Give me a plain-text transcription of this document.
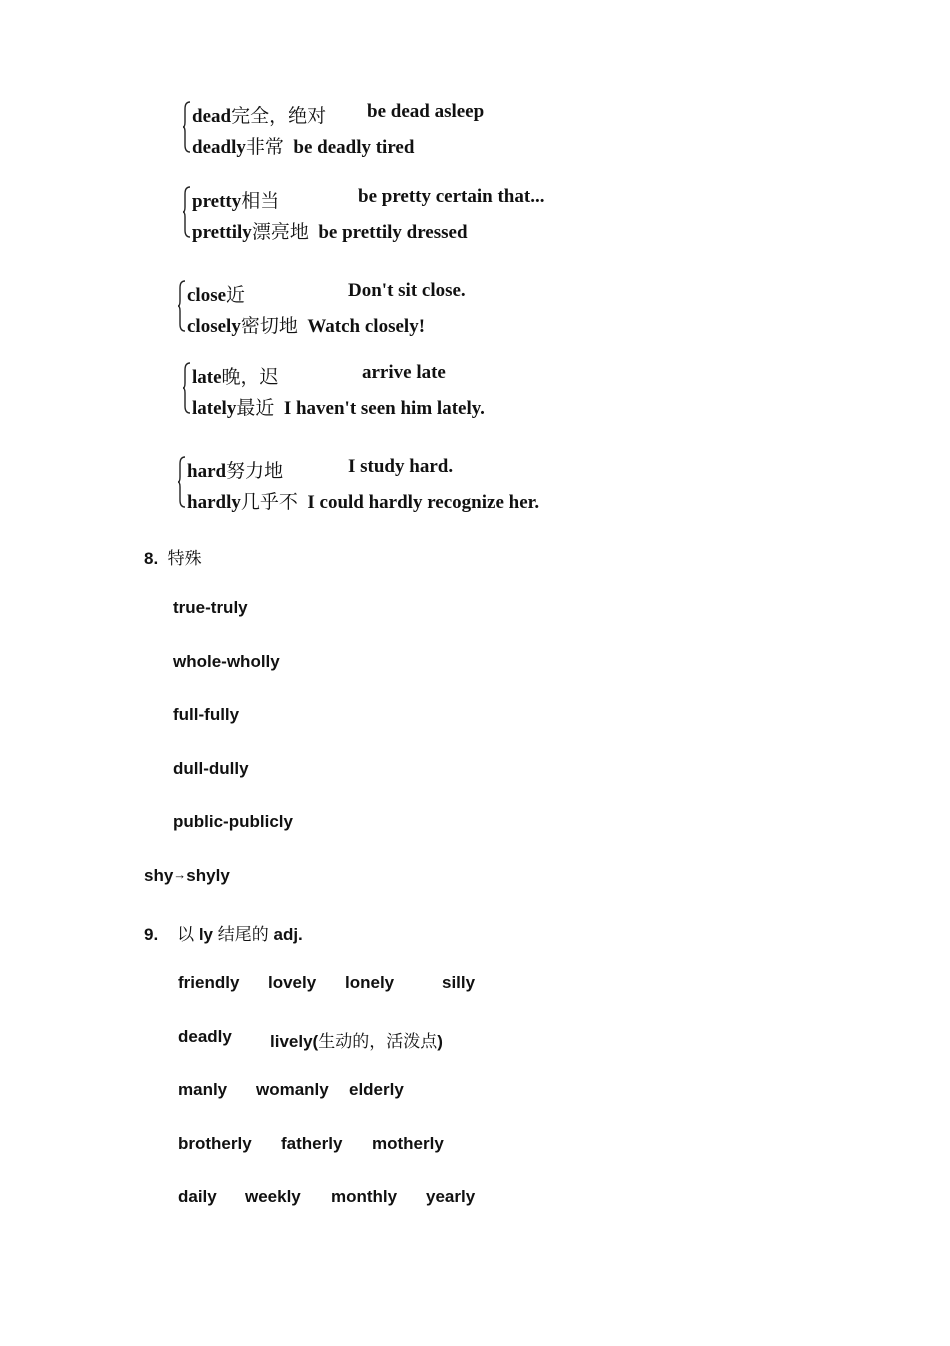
dead完全，绝对 be dead asleep
deadly非常 be deadly tired
pretty相当	be pretty certain that...
prettily漂亮地 be prettily dressed
close近	Don't sit close.
closely密切地 Watch closely!
late晚，迟	arrive late
lately最近 I haven't seen him lately.
hard努力地	I study hard.
hardly几乎不 I could hardly recognize her.
8. 特殊
true-truly
whole-wholly
full-fully
dull-dully
public-publicly
shy→shyly
9. 以 ly 结尾的 adj.
friendly lovely lonely	silly
deadly lively(生动的，活泼点)
manly womanly elderly
brotherly fatherly motherly
daily weekly monthly yearly
